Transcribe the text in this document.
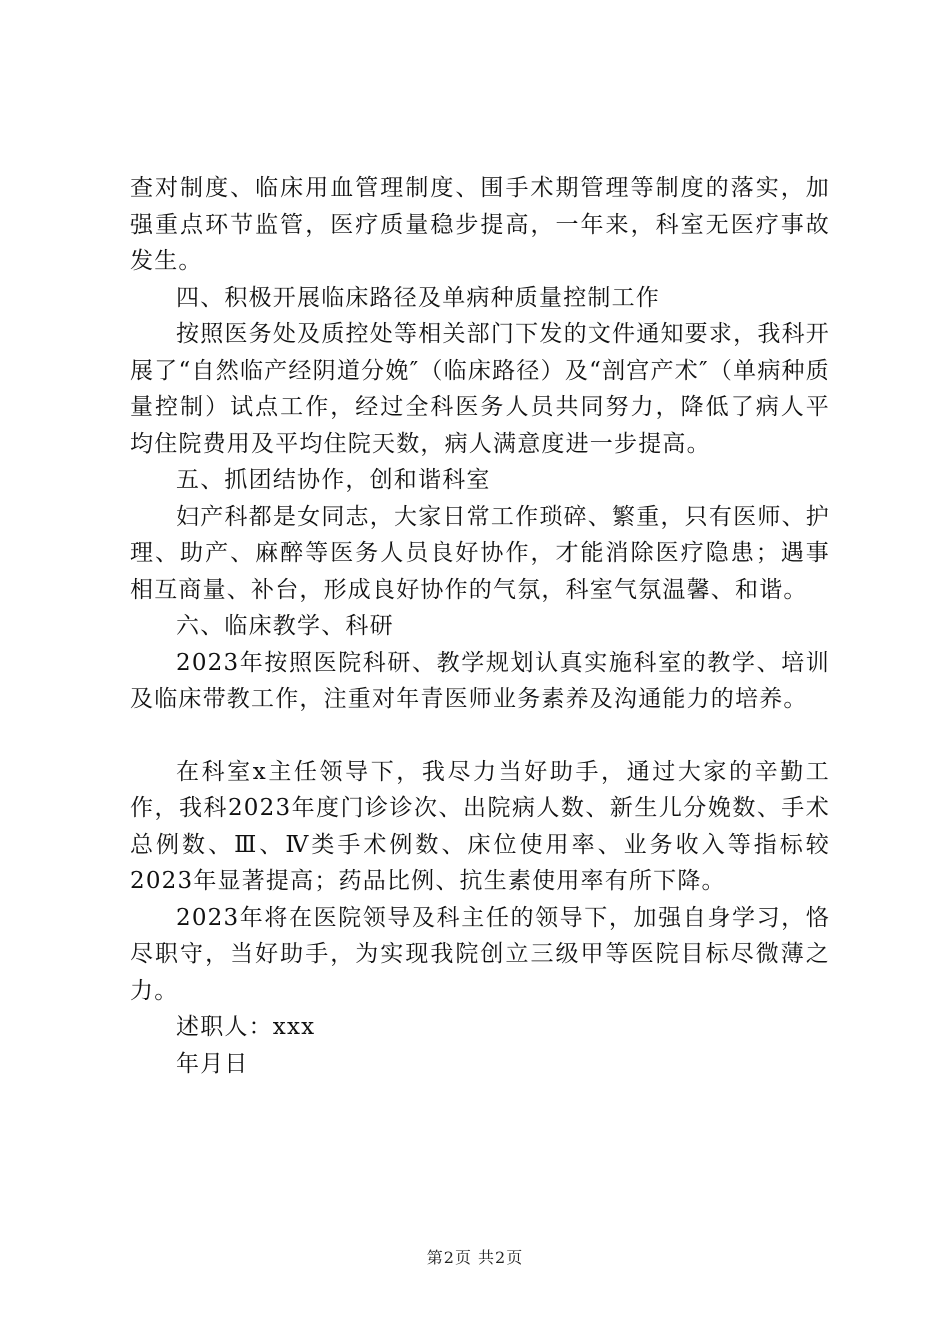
查对制度、临床用血管理制度、围手术期管理等制度的落实，加强重点环节监管，医疗质量稳步提高，一年来，科室无医疗事故发生。

四、积极开展临床路径及单病种质量控制工作

按照医务处及质控处等相关部门下发的文件通知要求，我科开展了“自然临产经阴道分娩″（临床路径）及“剖宫产术″（单病种质量控制）试点工作，经过全科医务人员共同努力，降低了病人平均住院费用及平均住院天数，病人满意度进一步提高。

五、抓团结协作，创和谐科室

妇产科都是女同志，大家日常工作琐碎、繁重，只有医师、护理、助产、麻醉等医务人员良好协作，才能消除医疗隐患；遇事相互商量、补台，形成良好协作的气氛，科室气氛温馨、和谐。

六、临床教学、科研

2023年按照医院科研、教学规划认真实施科室的教学、培训及临床带教工作，注重对年青医师业务素养及沟通能力的培养。

在科室x主任领导下，我尽力当好助手，通过大家的辛勤工作，我科2023年度门诊诊次、出院病人数、新生儿分娩数、手术总例数、Ⅲ、Ⅳ类手术例数、床位使用率、业务收入等指标较2023年显著提高；药品比例、抗生素使用率有所下降。

2023年将在医院领导及科主任的领导下，加强自身学习，恪尽职守，当好助手，为实现我院创立三级甲等医院目标尽微薄之力。

述职人：xxx

年月日

第2页 共2页
